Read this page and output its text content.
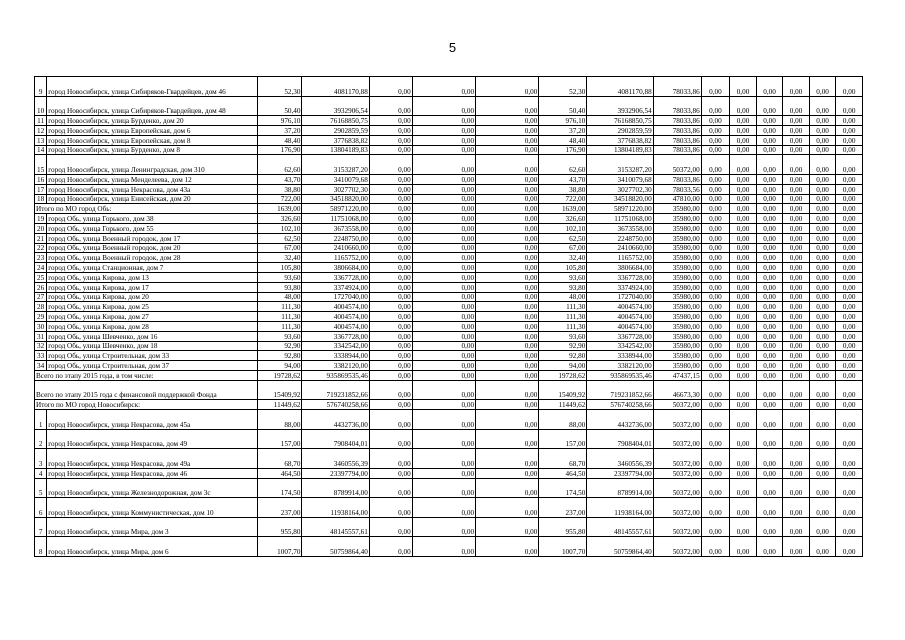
5
9	город Новосибирск, улица Сибиряков-Гвардейцев, дом 46	52,30	4081170,88	0,00	0,00	0,00	52,30	4081170,88	78033,86	0,00	0,00	0,00	0,00	0,00	0,00
10	город Новосибирск, улица Сибиряков-Гвардейцев, дом 48	50,40	3932906,54	0,00	0,00	0,00	50,40	3932906,54	78033,86	0,00	0,00	0,00	0,00	0,00	0,00
11	город Новосибирск, улица Бурденко, дом 20	976,10	76168850,75	0,00	0,00	0,00	976,10	76168850,75	78033,86	0,00	0,00	0,00	0,00	0,00	0,00
12	город Новосибирск, улица Европейская, дом 6	37,20	2902859,59	0,00	0,00	0,00	37,20	2902859,59	78033,86	0,00	0,00	0,00	0,00	0,00	0,00
13	город Новосибирск, улица Европейская, дом 8	48,40	3776838,82	0,00	0,00	0,00	48,40	3776838,82	78033,86	0,00	0,00	0,00	0,00	0,00	0,00
14	город Новосибирск, улица Бурденко, дом 8	176,90	13804189,83	0,00	0,00	0,00	176,90	13804189,83	78033,86	0,00	0,00	0,00	0,00	0,00	0,00
15	город Новосибирск, улица Ленинградская, дом 310	62,60	3153287,20	0,00	0,00	0,00	62,60	3153287,20	50372,00	0,00	0,00	0,00	0,00	0,00	0,00
16	город Новосибирск, улица Менделеева, дом 12	43,70	3410079,68	0,00	0,00	0,00	43,70	3410079,68	78033,86	0,00	0,00	0,00	0,00	0,00	0,00
17	город Новосибирск, улица Некрасова, дом 43а	38,80	3027702,30	0,00	0,00	0,00	38,80	3027702,30	78033,56	0,00	0,00	0,00	0,00	0,00	0,00
18	город Новосибирск, улица Енисейская, дом 20	722,00	34518820,00	0,00	0,00	0,00	722,00	34518820,00	47810,00	0,00	0,00	0,00	0,00	0,00	0,00
Итого по МО город Обь:		1639,00	58971220,00	0,00	0,00	0,00	1639,00	58971220,00	35980,00	0,00	0,00	0,00	0,00	0,00	0,00
19	город Обь, улица Горького, дом 38	326,60	11751068,00	0,00	0,00	0,00	326,60	11751068,00	35980,00	0,00	0,00	0,00	0,00	0,00	0,00
20	город Обь, улица Горького, дом 55	102,10	3673558,00	0,00	0,00	0,00	102,10	3673558,00	35980,00	0,00	0,00	0,00	0,00	0,00	0,00
21	город Обь, улица Военный городок, дом 17	62,50	2248750,00	0,00	0,00	0,00	62,50	2248750,00	35980,00	0,00	0,00	0,00	0,00	0,00	0,00
22	город Обь, улица Военный городок, дом 20	67,00	2410660,00	0,00	0,00	0,00	67,00	2410660,00	35980,00	0,00	0,00	0,00	0,00	0,00	0,00
23	город Обь, улица Военный городок, дом 28	32,40	1165752,00	0,00	0,00	0,00	32,40	1165752,00	35980,00	0,00	0,00	0,00	0,00	0,00	0,00
24	город Обь, улица Станционная, дом 7	105,80	3806684,00	0,00	0,00	0,00	105,80	3806684,00	35980,00	0,00	0,00	0,00	0,00	0,00	0,00
25	город Обь, улица Кирова, дом 13	93,60	3367728,00	0,00	0,00	0,00	93,60	3367728,00	35980,00	0,00	0,00	0,00	0,00	0,00	0,00
26	город Обь, улица Кирова, дом 17	93,80	3374924,00	0,00	0,00	0,00	93,80	3374924,00	35980,00	0,00	0,00	0,00	0,00	0,00	0,00
27	город Обь, улица Кирова, дом 20	48,00	1727040,00	0,00	0,00	0,00	48,00	1727040,00	35980,00	0,00	0,00	0,00	0,00	0,00	0,00
28	город Обь, улица Кирова, дом 25	111,30	4004574,00	0,00	0,00	0,00	111,30	4004574,00	35980,00	0,00	0,00	0,00	0,00	0,00	0,00
29	город Обь, улица Кирова, дом 27	111,30	4004574,00	0,00	0,00	0,00	111,30	4004574,00	35980,00	0,00	0,00	0,00	0,00	0,00	0,00
30	город Обь, улица Кирова, дом 28	111,30	4004574,00	0,00	0,00	0,00	111,30	4004574,00	35980,00	0,00	0,00	0,00	0,00	0,00	0,00
31	город Обь, улица Шевченко, дом 16	93,60	3367728,00	0,00	0,00	0,00	93,60	3367728,00	35980,00	0,00	0,00	0,00	0,00	0,00	0,00
32	город Обь, улица Шевченко, дом 18	92,90	3342542,00	0,00	0,00	0,00	92,90	3342542,00	35980,00	0,00	0,00	0,00	0,00	0,00	0,00
33	город Обь, улица Строительная, дом 33	92,80	3338944,00	0,00	0,00	0,00	92,80	3338944,00	35980,00	0,00	0,00	0,00	0,00	0,00	0,00
34	город Обь, улица Строительная, дом 37	94,00	3382120,00	0,00	0,00	0,00	94,00	3382120,00	35980,00	0,00	0,00	0,00	0,00	0,00	0,00
Всего по этапу 2015 года, в том числе:		19728,62	935869535,46	0,00	0,00	0,00	19728,62	935869535,46	47437,15	0,00	0,00	0,00	0,00	0,00	0,00
Всего по этапу 2015 года с финансовой поддержкой Фонда		15409,92	719231852,66	0,00	0,00	0,00	15409,92	719231852,66	46673,30	0,00	0,00	0,00	0,00	0,00	0,00
Итого по МО город Новосибирск:		11449,62	576740258,66	0,00	0,00	0,00	11449,62	576740258,66	50372,00	0,00	0,00	0,00	0,00	0,00	0,00
1	город Новосибирск, улица Некрасова, дом 45а	88,00	4432736,00	0,00	0,00	0,00	88,00	4432736,00	50372,00	0,00	0,00	0,00	0,00	0,00	0,00
2	город Новосибирск, улица Некрасова, дом 49	157,00	7908404,01	0,00	0,00	0,00	157,00	7908404,01	50372,00	0,00	0,00	0,00	0,00	0,00	0,00
3	город Новосибирск, улица Некрасова, дом 49а	68,70	3460556,39	0,00	0,00	0,00	68,70	3460556,39	50372,00	0,00	0,00	0,00	0,00	0,00	0,00
4	город Новосибирск, улица Некрасова, дом 46	464,50	23397794,00	0,00	0,00	0,00	464,50	23397794,00	50372,00	0,00	0,00	0,00	0,00	0,00	0,00
5	город Новосибирск, улица Железнодорожная, дом 3с	174,50	8789914,00	0,00	0,00	0,00	174,50	8789914,00	50372,00	0,00	0,00	0,00	0,00	0,00	0,00
6	город Новосибирск, улица Коммунистическая, дом 10	237,00	11938164,00	0,00	0,00	0,00	237,00	11938164,00	50372,00	0,00	0,00	0,00	0,00	0,00	0,00
7	город Новосибирск, улица Мира, дом 3	955,80	48145557,61	0,00	0,00	0,00	955,80	48145557,61	50372,00	0,00	0,00	0,00	0,00	0,00	0,00
8	город Новосибирск, улица Мира, дом 6	1007,70	50759864,40	0,00	0,00	0,00	1007,70	50759864,40	50372,00	0,00	0,00	0,00	0,00	0,00	0,00
